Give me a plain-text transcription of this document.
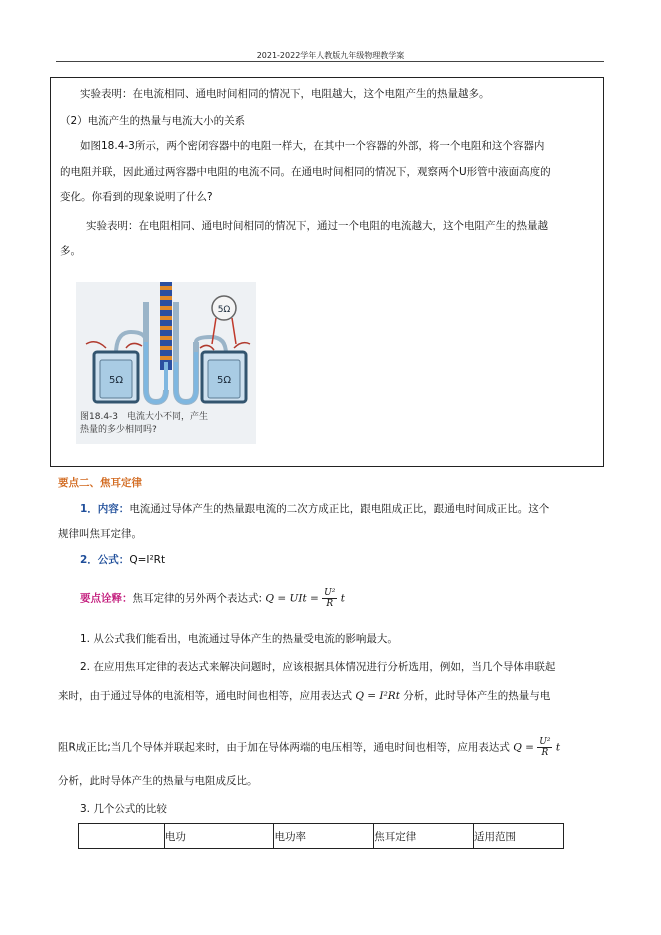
2021-2022学年人教版九年级物理教学案
实验表明：在电流相同、通电时间相同的情况下，电阻越大，这个电阻产生的热量越多。
（2）电流产生的热量与电流大小的关系
如图18.4-3所示，两个密闭容器中的电阻一样大，在其中一个容器的外部，将一个电阻和这个容器内
的电阻并联，因此通过两容器中电阻的电流不同。在通电时间相同的情况下，观察两个U形管中液面高度的
变化。你看到的现象说明了什么?
实验表明：在电阻相同、通电时间相同的情况下，通过一个电阻的电流越大，这个电阻产生的热量越
多。
5Ω	5Ω
5Ω
图18.4-3　电流大小不同，产生
热量的多少相同吗?
要点二、焦耳定律
1．内容：电流通过导体产生的热量跟电流的二次方成正比，跟电阻成正比，跟通电时间成正比。这个
规律叫焦耳定律。
2．公式：Q=I²Rt
要点诠释：焦耳定律的另外两个表达式: Q = UIt = $\frac{\text{U²}}{R}$ t
1. 从公式我们能看出，电流通过导体产生的热量受电流的影响最大。
2. 在应用焦耳定律的表达式来解决问题时，应该根据具体情况进行分析选用，例如，当几个导体串联起
来时，由于通过导体的电流相等，通电时间也相等，应用表达式 Q = I²Rt 分析，此时导体产生的热量与电
阻R成正比;当几个导体并联起来时，由于加在导体两端的电压相等，通电时间也相等，应用表达式 $Q = \frac{\text{U²}}{R}$ t
分析，此时导体产生的热量与电阻成反比。
3. 几个公式的比较
	电功	电功率	焦耳定律	适用范围
